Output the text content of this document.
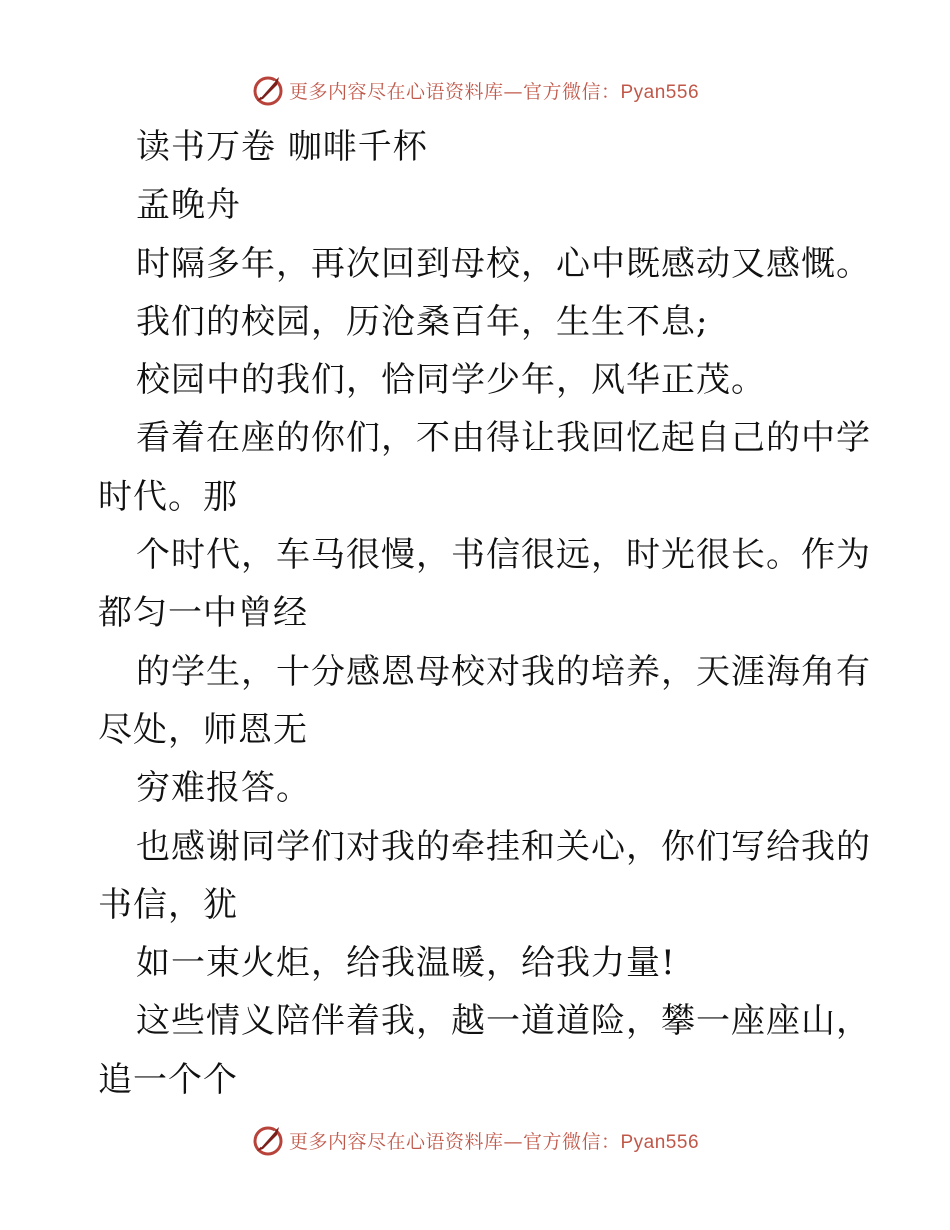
更多内容尽在心语资料库—官方微信：Pyan556
读书万卷 咖啡千杯
孟晚舟
时隔多年，再次回到母校，心中既感动又感慨。
我们的校园，历沧桑百年，生生不息;
校园中的我们，恰同学少年，风华正茂。
看着在座的你们，不由得让我回忆起自己的中学
时代。那
个时代，车马很慢，书信很远，时光很长。作为
都匀一中曾经
的学生，十分感恩母校对我的培养，天涯海角有
尽处，师恩无
穷难报答。
也感谢同学们对我的牵挂和关心，你们写给我的
书信，犹
如一束火炬，给我温暖，给我力量!
这些情义陪伴着我，越一道道险，攀一座座山，
追一个个
更多内容尽在心语资料库—官方微信：Pyan556
